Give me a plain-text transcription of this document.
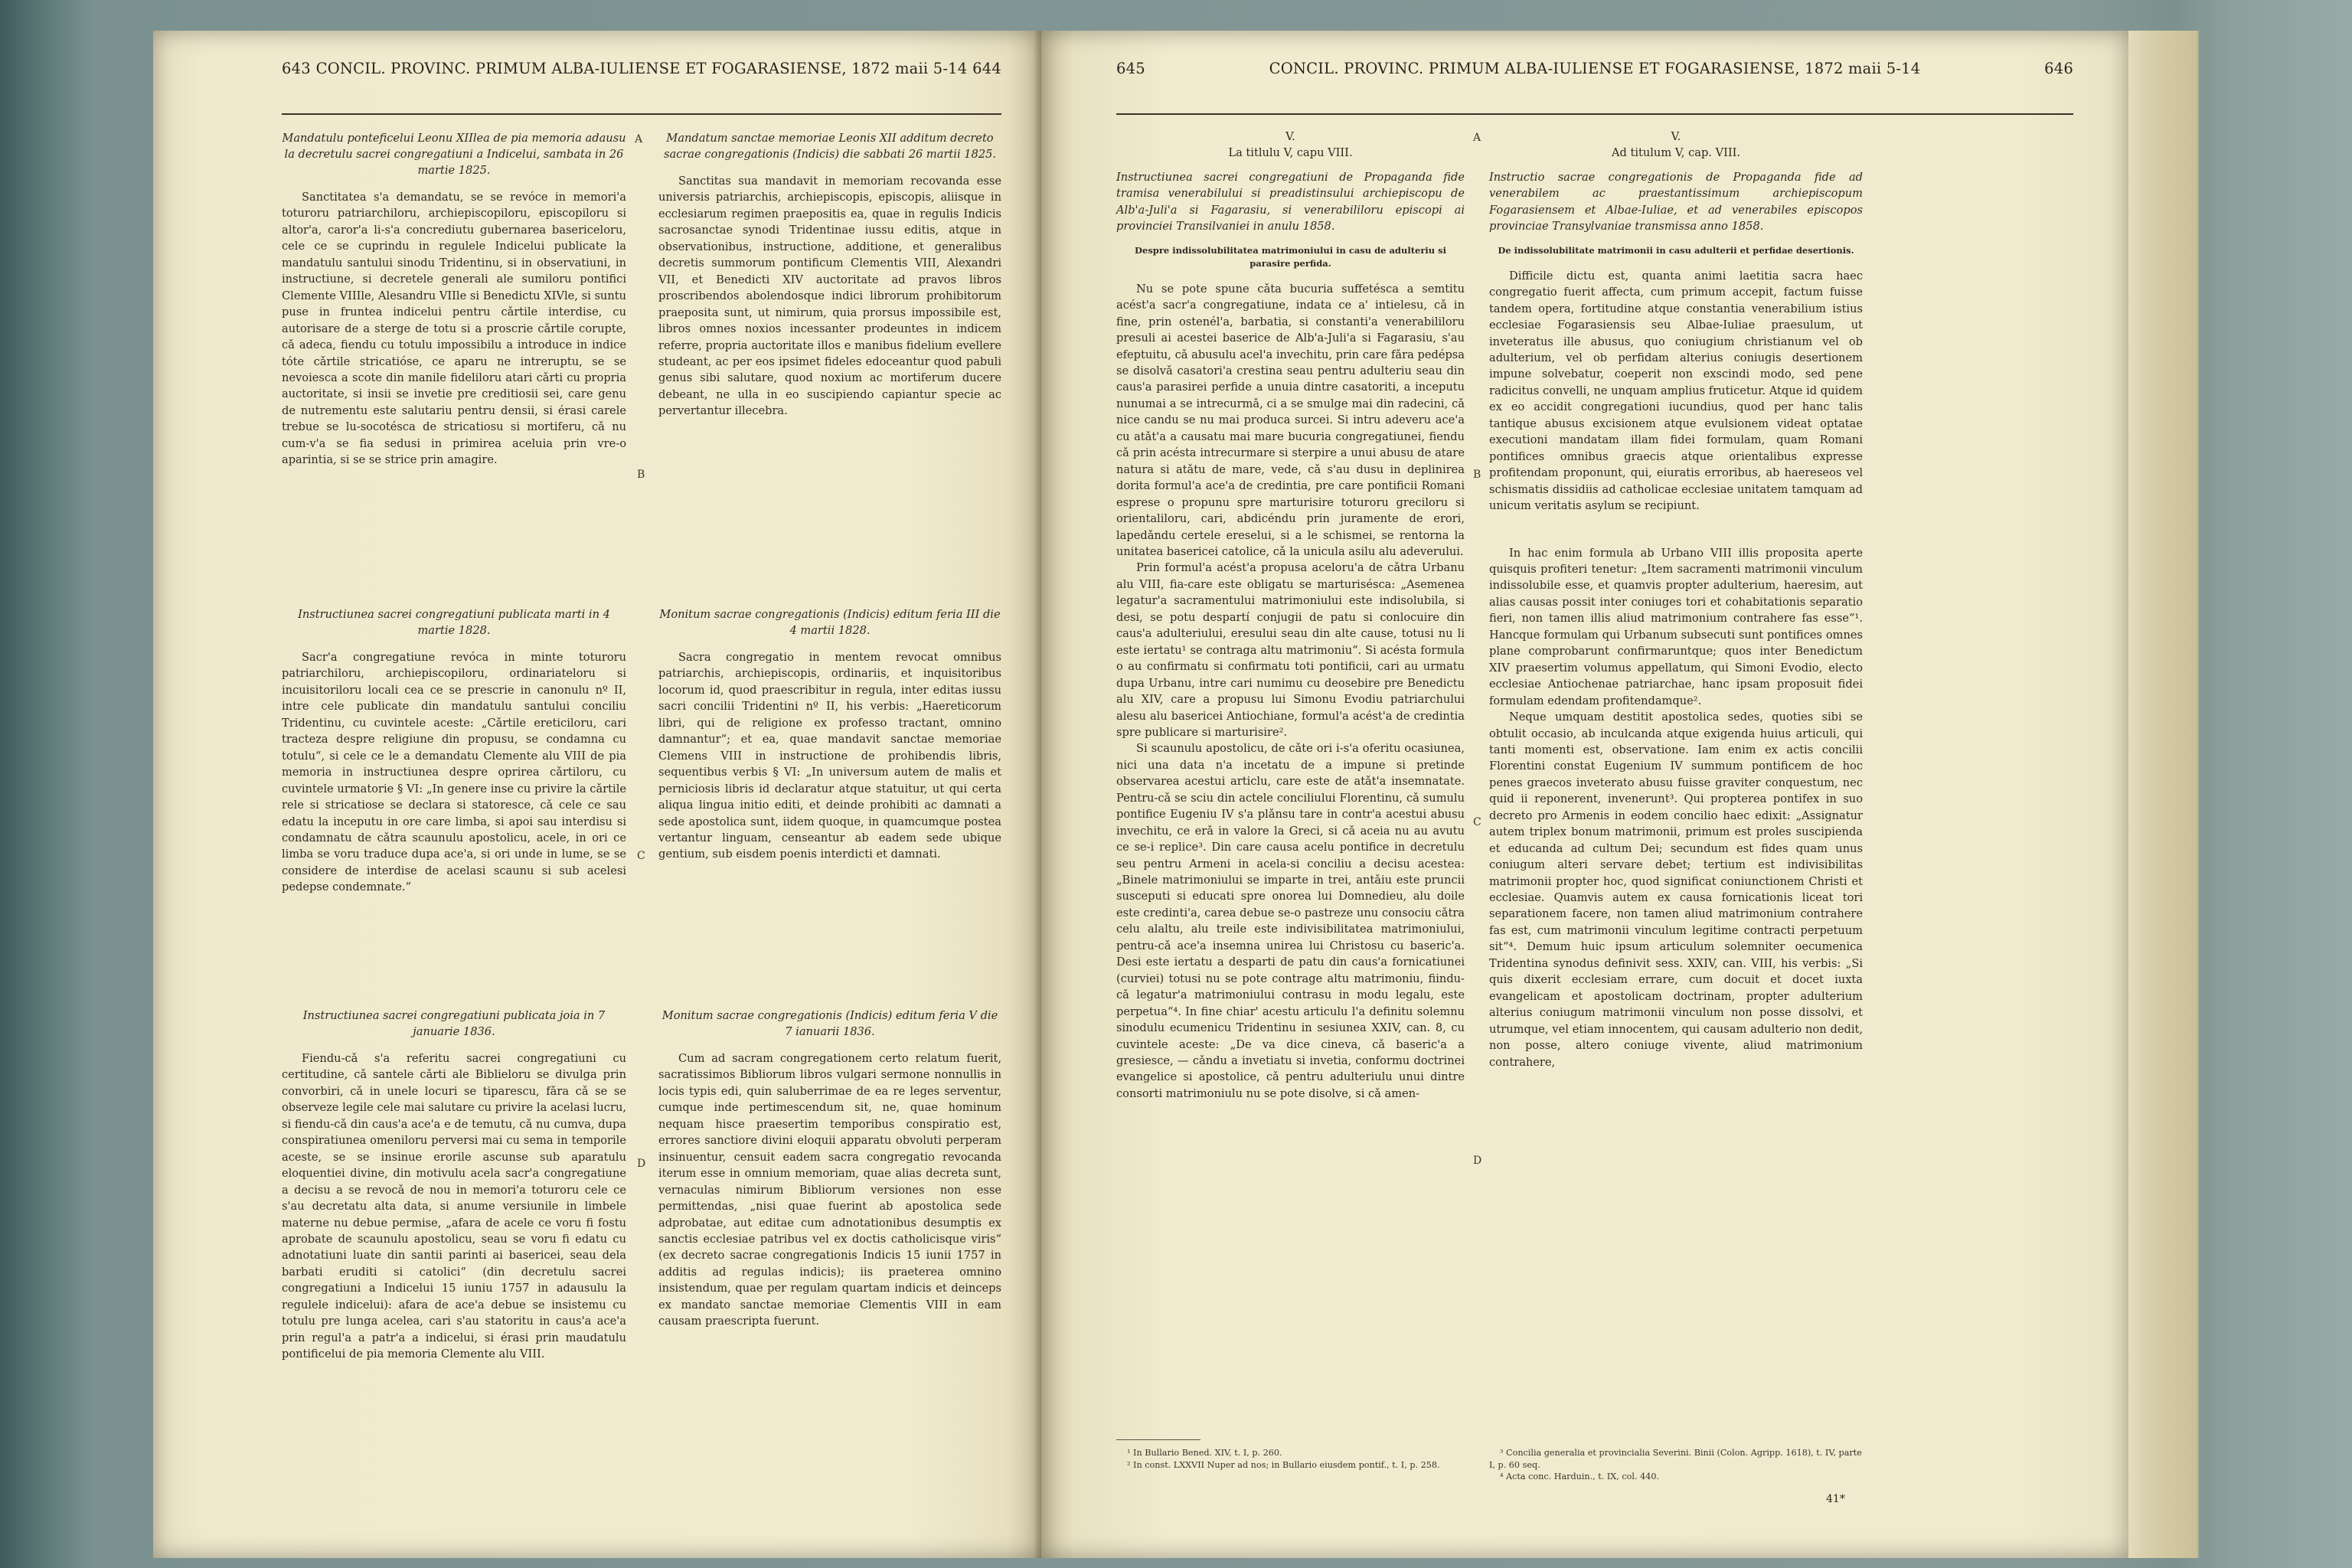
643 CONCIL. PROVINC. PRIMUM ALBA-IULIENSE ET FOGARASIENSE, 1872 maii 5-14 644

Mandatulu ponteficelui Leonu XIIlea de pia memoria adausu la decretulu sacrei congregatiuni a Indicelui, sambata in 26 martie 1825.

Sanctitatea s'a demandatu, se se revóce in memori'a toturoru patriarchiloru, archiepiscopiloru, episcopiloru si altor'a, caror'a li-s'a concrediutu gubernarea basericeloru, cele ce se cuprindu in regulele Indicelui publicate la mandatulu santului sinodu Tridentinu, si in observatiuni, in instructiune, si decretele generali ale sumiloru pontifici Clemente VIIIle, Alesandru VIIle si Benedictu XIVle, si suntu puse in fruntea indicelui pentru cǎrtile interdise, cu autorisare de a sterge de totu si a proscrie cǎrtile corupte, cǎ adeca, fiendu cu totulu impossibilu a introduce in indice tóte cǎrtile stricatióse, ce aparu ne intreruptu, se se nevoiesca a scote din manile fideliloru atari cǎrti cu propria auctoritate, si insii se invetie pre creditiosii sei, care genu de nutrementu este salutariu pentru densii, si érasi carele trebue se lu-socotésca de stricatiosu si mortiferu, cǎ nu cum-v'a se fia sedusi in primirea aceluia prin vre-o aparintia, si se se strice prin amagire.

Mandatum sanctae memoriae Leonis XII additum decreto sacrae congregationis (Indicis) die sabbati 26 martii 1825.

Sanctitas sua mandavit in memoriam recovanda esse universis patriarchis, archiepiscopis, episcopis, aliisque in ecclesiarum regimen praepositis ea, quae in regulis Indicis sacrosanctae synodi Tridentinae iussu editis, atque in observationibus, instructione, additione, et generalibus decretis summorum pontificum Clementis VIII, Alexandri VII, et Benedicti XIV auctoritate ad pravos libros proscribendos abolendosque indici librorum prohibitorum praeposita sunt, ut nimirum, quia prorsus impossibile est, libros omnes noxios incessanter prodeuntes in indicem referre, propria auctoritate illos e manibus fidelium evellere studeant, ac per eos ipsimet fideles edoceantur quod pabuli genus sibi salutare, quod noxium ac mortiferum ducere debeant, ne ulla in eo suscipiendo capiantur specie ac pervertantur illecebra.

A
B

Instructiunea sacrei congregatiuni publicata marti in 4 martie 1828.

Sacr'a congregatiune revóca in minte toturoru patriarchiloru, archiepiscopiloru, ordinariateloru si incuisitoriloru locali cea ce se prescrie in canonulu nº II, intre cele publicate din mandatulu santului conciliu Tridentinu, cu cuvintele aceste: „Cǎrtile ereticiloru, cari tracteza despre religiune din propusu, se condamna cu totulu“, si cele ce le a demandatu Clemente alu VIII de pia memoria in instructiunea despre oprirea cǎrtiloru, cu cuvintele urmatorie § VI: „In genere inse cu privire la cǎrtile rele si stricatiose se declara si statoresce, cǎ cele ce sau edatu la inceputu in ore care limba, si apoi sau interdisu si condamnatu de cǎtra scaunulu apostolicu, acele, in ori ce limba se voru traduce dupa ace'a, si ori unde in lume, se se considere de interdise de acelasi scaunu si sub acelesi pedepse condemnate.“

Monitum sacrae congregationis (Indicis) editum feria III die 4 martii 1828.

Sacra congregatio in mentem revocat omnibus patriarchis, archiepiscopis, ordinariis, et inquisitoribus locorum id, quod praescribitur in regula, inter editas iussu sacri concilii Tridentini nº II, his verbis: „Haereticorum libri, qui de religione ex professo tractant, omnino damnantur“; et ea, quae mandavit sanctae memoriae Clemens VIII in instructione de prohibendis libris, sequentibus verbis § VI: „In universum autem de malis et perniciosis libris id declaratur atque statuitur, ut qui certa aliqua lingua initio editi, et deinde prohibiti ac damnati a sede apostolica sunt, iidem quoque, in quamcumque postea vertantur linguam, censeantur ab eadem sede ubique gentium, sub eisdem poenis interdicti et damnati.

C

Instructiunea sacrei congregatiuni publicata joia in 7 januarie 1836.

Fiendu-cǎ s'a referitu sacrei congregatiuni cu certitudine, cǎ santele cǎrti ale Biblieloru se divulga prin convorbiri, cǎ in unele locuri se tiparescu, fǎra cǎ se se observeze legile cele mai salutare cu privire la acelasi lucru, si fiendu-cǎ din caus'a ace'a e de temutu, cǎ nu cumva, dupa conspiratiunea omeniloru perversi mai cu sema in temporile aceste, se se insinue erorile ascunse sub aparatulu eloquentiei divine, din motivulu acela sacr'a congregatiune a decisu a se revocǎ de nou in memori'a toturoru cele ce s'au decretatu alta data, si anume versiunile in limbele materne nu debue permise, „afara de acele ce voru fi fostu aprobate de scaunulu apostolicu, seau se voru fi edatu cu adnotatiuni luate din santii parinti ai basericei, seau dela barbati eruditi si catolici“ (din decretulu sacrei congregatiuni a Indicelui 15 iuniu 1757 in adausulu la regulele indicelui): afara de ace'a debue se insistemu cu totulu pre lunga acelea, cari s'au statoritu in caus'a ace'a prin regul'a a patr'a a indicelui, si érasi prin maudatulu pontificelui de pia memoria Clemente alu VIII.

Monitum sacrae congregationis (Indicis) editum feria V die 7 ianuarii 1836.

Cum ad sacram congregationem certo relatum fuerit, sacratissimos Bibliorum libros vulgari sermone nonnullis in locis typis edi, quin saluberrimae de ea re leges serventur, cumque inde pertimescendum sit, ne, quae hominum nequam hisce praesertim temporibus conspiratio est, errores sanctiore divini eloquii apparatu obvoluti perperam insinuentur, censuit eadem sacra congregatio revocanda iterum esse in omnium memoriam, quae alias decreta sunt, vernaculas nimirum Bibliorum versiones non esse permittendas, „nisi quae fuerint ab apostolica sede adprobatae, aut editae cum adnotationibus desumptis ex sanctis ecclesiae patribus vel ex doctis catholicisque viris“ (ex decreto sacrae congregationis Indicis 15 iunii 1757 in additis ad regulas indicis); iis praeterea omnino insistendum, quae per regulam quartam indicis et deinceps ex mandato sanctae memoriae Clementis VIII in eam causam praescripta fuerunt.

D
645	CONCIL. PROVINC. PRIMUM ALBA-IULIENSE ET FOGARASIENSE, 1872 maii 5-14	646

V.

La titlulu V, capu VIII.

Instructiunea sacrei congregatiuni de Propaganda fide tramisa venerabilului si preadistinsului archiepiscopu de Alb'a-Juli'a si Fagarasiu, si venerabililoru episcopi ai provinciei Transilvaniei in anulu 1858.

Despre indissolubilitatea matrimoniului in casu de adulteriu si parasire perfida.

Nu se pote spune cǎta bucuria suffetésca a semtitu acést'a sacr'a congregatiune, indata ce a' intielesu, cǎ in fine, prin ostenél'a, barbatia, si constanti'a venerabililoru presuli ai acestei baserice de Alb'a-Juli'a si Fagarasiu, s'au efeptuitu, cǎ abusulu acel'a invechitu, prin care fǎra pedépsa se disolvǎ casatori'a crestina seau pentru adulteriu seau din caus'a parasirei perfide a unuia dintre casatoriti, a inceputu nunumai a se intrecurmǎ, ci a se smulge mai din radecini, cǎ nice candu se nu mai produca surcei. Si intru adeveru ace'a cu atǎt'a a causatu mai mare bucuria congregatiunei, fiendu cǎ prin acésta intrecurmare si sterpire a unui abusu de atare natura si atǎtu de mare, vede, cǎ s'au dusu in deplinirea dorita formul'a ace'a de credintia, pre care pontificii Romani esprese o propunu spre marturisire toturoru greciloru si orientaliloru, cari, abdicéndu prin juramente de erori, lapedǎndu certele ereselui, si a le schismei, se rentorna la unitatea basericei catolice, cǎ la unicula asilu alu adeverului.

Prin formul'a acést'a propusa aceloru'a de cǎtra Urbanu alu VIII, fia-care este obligatu se marturisésca: „Asemenea legatur'a sacramentului matrimoniului este indisolubila, si desi, se potu despartí conjugii de patu si conlocuire din caus'a adulteriului, eresului seau din alte cause, totusi nu li este iertatu¹ se contraga altu matrimoniu“. Si acésta formula o au confirmatu si confirmatu toti pontificii, cari au urmatu dupa Urbanu, intre cari numimu cu deosebire pre Benedictu alu XIV, care a propusu lui Simonu Evodiu patriarchului alesu alu basericei Antiochiane, formul'a acést'a de credintia spre publicare si marturisire².

Si scaunulu apostolicu, de cǎte ori i-s'a oferitu ocasiunea, nici una data n'a incetatu de a impune si pretinde observarea acestui articlu, care este de atǎt'a insemnatate. Pentru-cǎ se sciu din actele conciliului Florentinu, cǎ sumulu pontifice Eugeniu IV s'a plǎnsu tare in contr'a acestui abusu invechitu, ce erǎ in valore la Greci, si cǎ aceia nu au avutu ce se-i replice³. Din care causa acelu pontifice in decretulu seu pentru Armeni in acela-si conciliu a decisu acestea: „Binele matrimoniului se imparte in trei, antǎiu este pruncii susceputi si educati spre onorea lui Domnedieu, alu doile este credinti'a, carea debue se-o pastreze unu consociu cǎtra celu alaltu, alu treile este indivisibilitatea matrimoniului, pentru-cǎ ace'a insemna unirea lui Christosu cu baseric'a. Desi este iertatu a desparti de patu din caus'a fornicatiunei (curviei) totusi nu se pote contrage altu matrimoniu, fiindu-cǎ legatur'a matrimoniului contrasu in modu legalu, este perpetua“⁴. In fine chiar' acestu articulu l'a definitu solemnu sinodulu ecumenicu Tridentinu in sesiunea XXIV, can. 8, cu cuvintele aceste: „De va dice cineva, cǎ baseric'a a gresiesce, — cǎndu a invetiatu si invetia, conformu doctrinei evangelice si apostolice, cǎ pentru adulteriulu unui dintre consorti matrimoniulu nu se pote disolve, si cǎ amen-

V.

Ad titulum V, cap. VIII.

Instructio sacrae congregationis de Propaganda fide ad venerabilem ac praestantissimum archiepiscopum Fogarasiensem et Albae-Iuliae, et ad venerabiles episcopos provinciae Transylvaniae transmissa anno 1858.

De indissolubilitate matrimonii in casu adulterii et perfidae desertionis.

Difficile dictu est, quanta animi laetitia sacra haec congregatio fuerit affecta, cum primum accepit, factum fuisse tandem opera, fortitudine atque constantia venerabilium istius ecclesiae Fogarasiensis seu Albae-Iuliae praesulum, ut inveteratus ille abusus, quo coniugium christianum vel ob adulterium, vel ob perfidam alterius coniugis desertionem impune solvebatur, coeperit non exscindi modo, sed pene radicitus convelli, ne unquam amplius fruticetur. Atque id quidem ex eo accidit congregationi iucundius, quod per hanc talis tantique abusus excisionem atque evulsionem videat optatae executioni mandatam illam fidei formulam, quam Romani pontifices omnibus graecis atque orientalibus expresse profitendam proponunt, qui, eiuratis erroribus, ab haereseos vel schismatis dissidiis ad catholicae ecclesiae unitatem tamquam ad unicum veritatis asylum se recipiunt.

In hac enim formula ab Urbano VIII illis proposita aperte quisquis profiteri tenetur: „Item sacramenti matrimonii vinculum indissolubile esse, et quamvis propter adulterium, haeresim, aut alias causas possit inter coniuges tori et cohabitationis separatio fieri, non tamen illis aliud matrimonium contrahere fas esse“¹. Hancque formulam qui Urbanum subsecuti sunt pontifices omnes plane comprobarunt confirmaruntque; quos inter Benedictum XIV praesertim volumus appellatum, qui Simoni Evodio, electo ecclesiae Antiochenae patriarchae, hanc ipsam proposuit fidei formulam edendam profitendamque².

Neque umquam destitit apostolica sedes, quoties sibi se obtulit occasio, ab inculcanda atque exigenda huius articuli, qui tanti momenti est, observatione. Iam enim ex actis concilii Florentini constat Eugenium IV summum pontificem de hoc penes graecos inveterato abusu fuisse graviter conquestum, nec quid ii reponerent, invenerunt³. Qui propterea pontifex in suo decreto pro Armenis in eodem concilio haec edixit: „Assignatur autem triplex bonum matrimonii, primum est proles suscipienda et educanda ad cultum Dei; secundum est fides quam unus coniugum alteri servare debet; tertium est indivisibilitas matrimonii propter hoc, quod significat coniunctionem Christi et ecclesiae. Quamvis autem ex causa fornicationis liceat tori separationem facere, non tamen aliud matrimonium contrahere fas est, cum matrimonii vinculum legitime contracti perpetuum sit“⁴. Demum huic ipsum articulum solemniter oecumenica Tridentina synodus definivit sess. XXIV, can. VIII, his verbis: „Si quis dixerit ecclesiam errare, cum docuit et docet iuxta evangelicam et apostolicam doctrinam, propter adulterium alterius coniugum matrimonii vinculum non posse dissolvi, et utrumque, vel etiam innocentem, qui causam adulterio non dedit, non posse, altero coniuge vivente, aliud matrimonium contrahere,

A
B
C
D

¹ In Bullario Bened. XIV, t. I, p. 260.

² In const. LXXVII Nuper ad nos; in Bullario eiusdem pontif., t. I, p. 258.

³ Concilia generalia et provincialia Severini. Binii (Colon. Agripp. 1618), t. IV, parte I, p. 60 seq.

⁴ Acta conc. Harduin., t. IX, col. 440.

41*
